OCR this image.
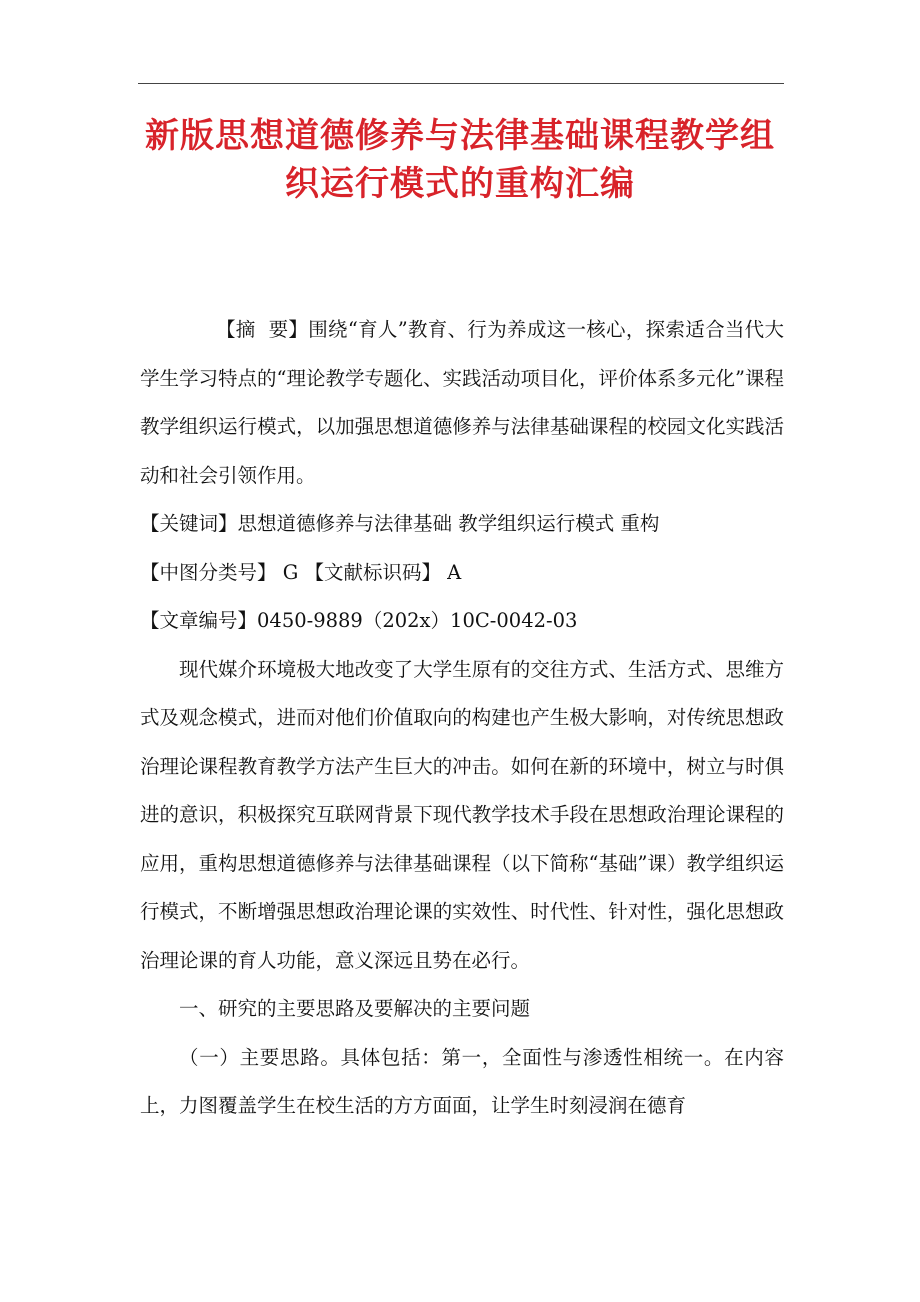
新版思想道德修养与法律基础课程教学组
织运行模式的重构汇编

【摘  要】围绕“育人”教育、行为养成这一核心，探索适合当代大学生学习特点的“理论教学专题化、实践活动项目化，评价体系多元化”课程教学组织运行模式，以加强思想道德修养与法律基础课程的校园文化实践活动和社会引领作用。

【关键词】思想道德修养与法律基础 教学组织运行模式 重构

【中图分类号】 G 【文献标识码】 A

【文章编号】0450-9889（202x）10C-0042-03

现代媒介环境极大地改变了大学生原有的交往方式、生活方式、思维方式及观念模式，进而对他们价值取向的构建也产生极大影响，对传统思想政治理论课程教育教学方法产生巨大的冲击。如何在新的环境中，树立与时俱进的意识，积极探究互联网背景下现代教学技术手段在思想政治理论课程的应用，重构思想道德修养与法律基础课程（以下简称“基础”课）教学组织运行模式，不断增强思想政治理论课的实效性、时代性、针对性，强化思想政治理论课的育人功能，意义深远且势在必行。

一、研究的主要思路及要解决的主要问题

（一）主要思路。具体包括：第一，全面性与渗透性相统一。在内容上，力图覆盖学生在校生活的方方面面，让学生时刻浸润在德育
